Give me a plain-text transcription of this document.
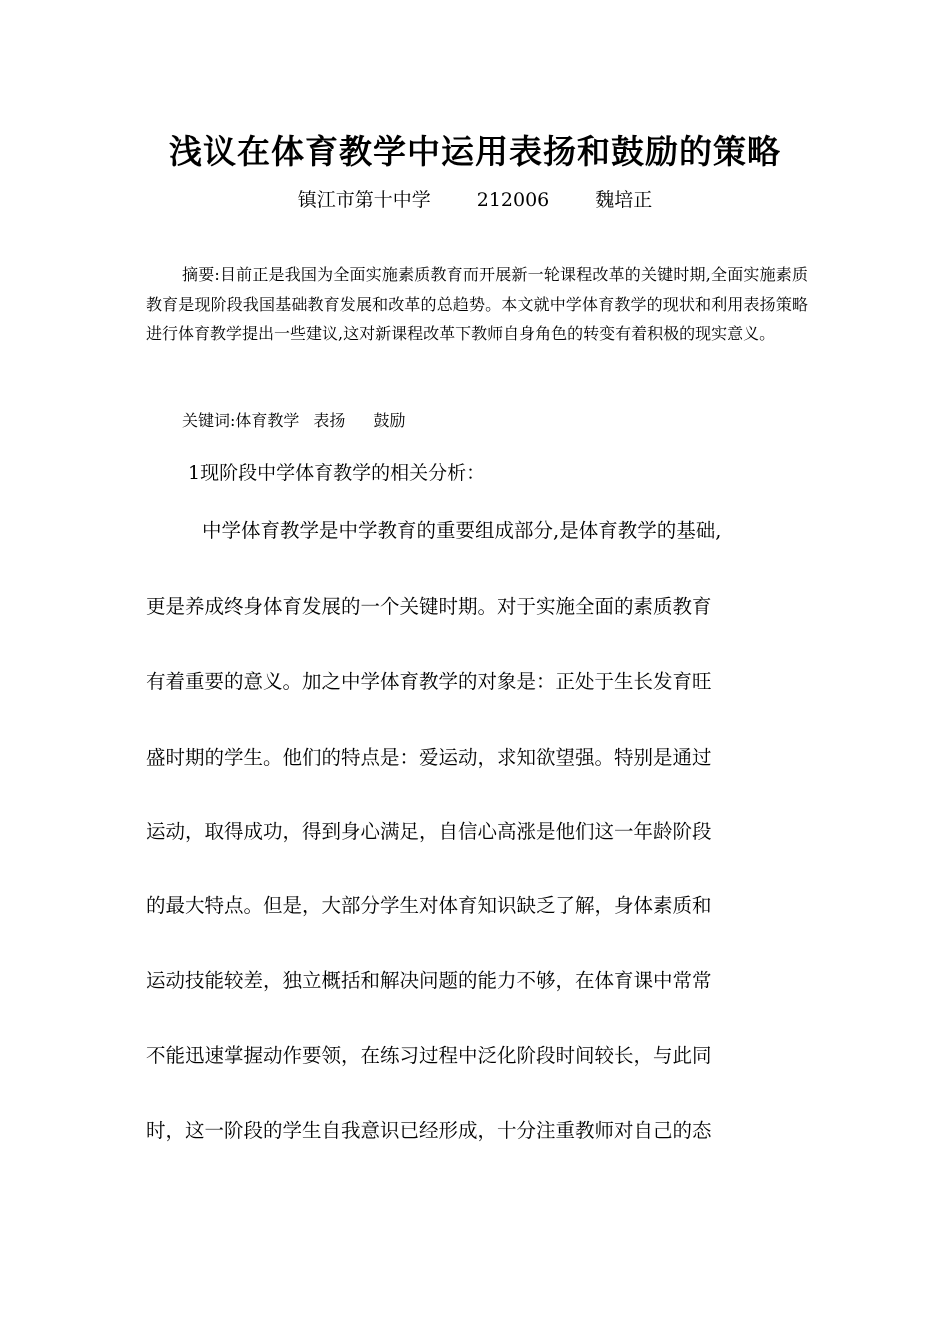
浅议在体育教学中运用表扬和鼓励的策略
镇江市第十中学 212006 魏培正

摘要:目前正是我国为全面实施素质教育而开展新一轮课程改革的关键时期,全面实施素质教育是现阶段我国基础教育发展和改革的总趋势。本文就中学体育教学的现状和利用表扬策略进行体育教学提出一些建议,这对新课程改革下教师自身角色的转变有着积极的现实意义。

关键词:体育教学 表扬 鼓励
1现阶段中学体育教学的相关分析：
中学体育教学是中学教育的重要组成部分,是体育教学的基础,
更是养成终身体育发展的一个关键时期。对于实施全面的素质教育
有着重要的意义。加之中学体育教学的对象是：正处于生长发育旺
盛时期的学生。他们的特点是：爱运动，求知欲望强。特别是通过
运动，取得成功，得到身心满足，自信心高涨是他们这一年龄阶段
的最大特点。但是，大部分学生对体育知识缺乏了解，身体素质和
运动技能较差，独立概括和解决问题的能力不够，在体育课中常常
不能迅速掌握动作要领，在练习过程中泛化阶段时间较长，与此同
时，这一阶段的学生自我意识已经形成，十分注重教师对自己的态
